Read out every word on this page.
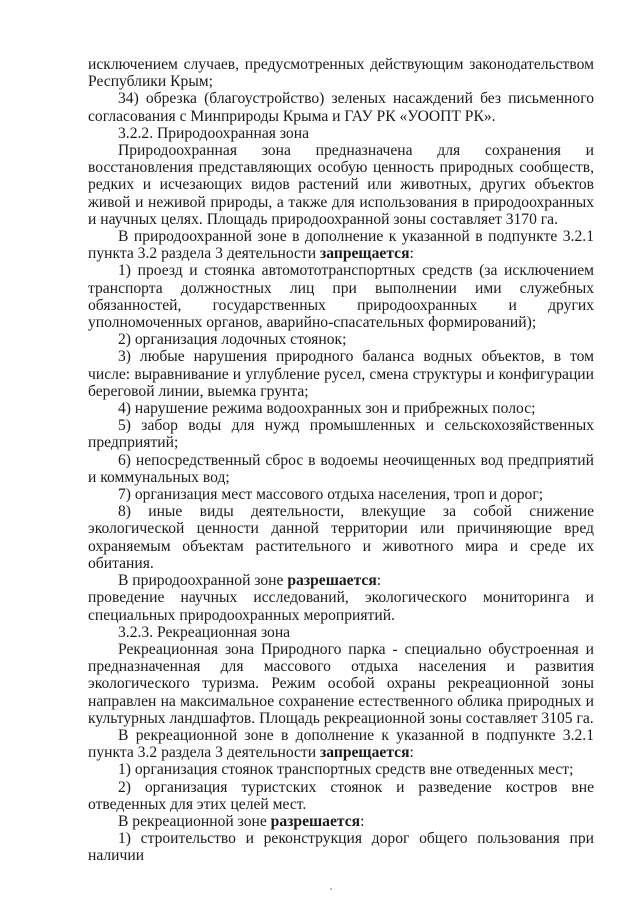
исключением случаев, предусмотренных действующим законодательством Республики Крым;

34) обрезка (благоустройство) зеленых насаждений без письменного согласования с Минприроды Крыма и ГАУ РК «УООПТ РК».

3.2.2. Природоохранная зона

Природоохранная зона предназначена для сохранения и восстановления представляющих особую ценность природных сообществ, редких и исчезающих видов растений или животных, других объектов живой и неживой природы, а также для использования в природоохранных и научных целях. Площадь природоохранной зоны составляет 3170 га.

В природоохранной зоне в дополнение к указанной в подпункте 3.2.1 пункта 3.2 раздела 3 деятельности запрещается:

1) проезд и стоянка автомототранспортных средств (за исключением транспорта должностных лиц при выполнении ими служебных обязанностей, государственных природоохранных и других уполномоченных органов, аварийно-спасательных формирований);

2) организация лодочных стоянок;

3) любые нарушения природного баланса водных объектов, в том числе: выравнивание и углубление русел, смена структуры и конфигурации береговой линии, выемка грунта;

4) нарушение режима водоохранных зон и прибрежных полос;

5) забор воды для нужд промышленных и сельскохозяйственных предприятий;

6) непосредственный сброс в водоемы неочищенных вод предприятий и коммунальных вод;

7) организация мест массового отдыха населения, троп и дорог;

8) иные виды деятельности, влекущие за собой снижение экологической ценности данной территории или причиняющие вред охраняемым объектам растительного и животного мира и среде их обитания.

В природоохранной зоне разрешается:

проведение научных исследований, экологического мониторинга и специальных природоохранных мероприятий.

3.2.3. Рекреационная зона

Рекреационная зона Природного парка - специально обустроенная и предназначенная для массового отдыха населения и развития экологического туризма. Режим особой охраны рекреационной зоны направлен на максимальное сохранение естественного облика природных и культурных ландшафтов. Площадь рекреационной зоны составляет 3105 га.

В рекреационной зоне в дополнение к указанной в подпункте 3.2.1 пункта 3.2 раздела 3 деятельности запрещается:

1) организация стоянок транспортных средств вне отведенных мест;

2) организация туристских стоянок и разведение костров вне отведенных для этих целей мест.

В рекреационной зоне разрешается:

1) строительство и реконструкция дорог общего пользования при наличии
